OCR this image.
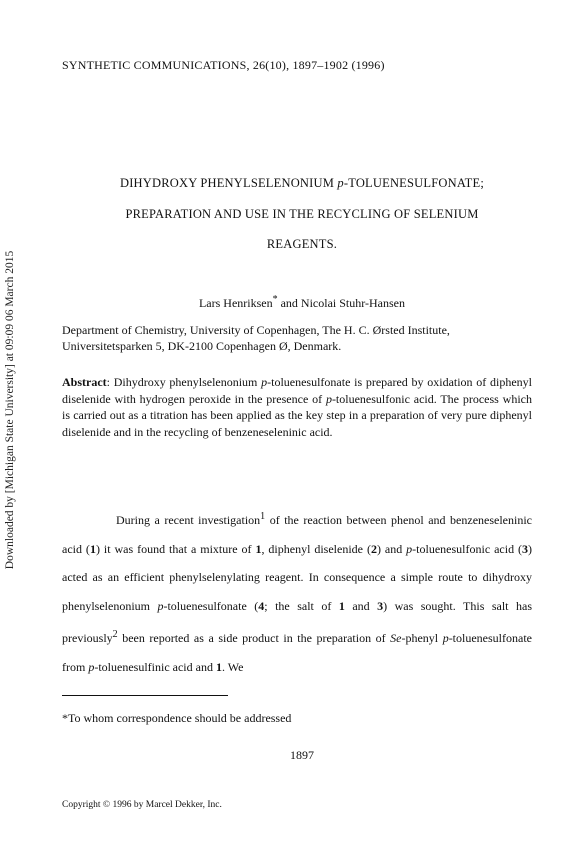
Downloaded by [Michigan State University] at 09:09 06 March 2015
SYNTHETIC COMMUNICATIONS, 26(10), 1897–1902 (1996)
DIHYDROXY PHENYLSELENONIUM p-TOLUENESULFONATE;
PREPARATION AND USE IN THE RECYCLING OF SELENIUM
REAGENTS.
Lars Henriksen* and Nicolai Stuhr-Hansen
Department of Chemistry, University of Copenhagen, The H. C. Ørsted Institute, Universitetsparken 5, DK-2100 Copenhagen Ø, Denmark.
Abstract: Dihydroxy phenylselenonium p-toluenesulfonate is prepared by oxidation of diphenyl diselenide with hydrogen peroxide in the presence of p-toluenesulfonic acid. The process which is carried out as a titration has been applied as the key step in a preparation of very pure diphenyl diselenide and in the recycling of benzeneseleninic acid.
During a recent investigation$^1$ of the reaction between phenol and benzeneseleninic acid (1) it was found that a mixture of 1, diphenyl diselenide (2) and p-toluenesulfonic acid (3) acted as an efficient phenylselenylating reagent. In consequence a simple route to dihydroxy phenylselenonium p-toluenesulfonate (4; the salt of 1 and 3) was sought. This salt has previously$^2$ been reported as a side product in the preparation of Se-phenyl p-toluenesulfonate from p-toluenesulfinic acid and 1. We
*To whom correspondence should be addressed
1897
Copyright © 1996 by Marcel Dekker, Inc.
